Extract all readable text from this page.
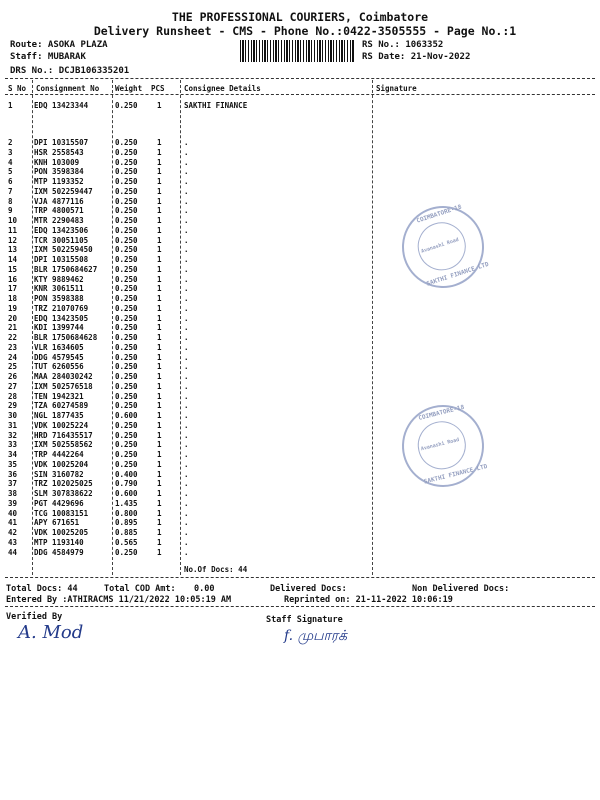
THE PROFESSIONAL COURIERS, Coimbatore
Delivery Runsheet - CMS - Phone No.:0422-3505555 - Page No.:1
Route: ASOKA PLAZA
Staff: MUBARAK
DRS No.: DCJB106335201
RS No.: 1063352
RS Date: 21-Nov-2022
S No Consignment No Weight PCS	Consignee Details	Signature
1	EDQ 13423344	0.250	1	SAKTHI FINANCE
2	DPI 10315507	0.250	1	.
3	HSR 2558543	0.250	1	.
4	KNH 103009	0.250	1	.
5	PON 3598384	0.250	1	.
6	MTP 1193352	0.250	1	.
7	IXM 502259447	0.250	1	.
8	VJA 4877116	0.250	1	.
9	TRP 4800571	0.250	1	.
10 MTR 2290483	0.250	1	.
11 EDQ 13423506	0.250	1	.
12 TCR 30051105	0.250	1	.
13 IXM 502259450	0.250	1	.
14 DPI 10315508	0.250	1	.
15 BLR 1750684627 0.250	1	.
16 KTY 9889462	0.250	1	.
17 KNR 3061511	0.250	1	.
18 PON 3598388	0.250	1	.
19 TRZ 21070769	0.250	1	.
20 EDQ 13423505	0.250	1	.
21 KDI 1399744	0.250	1	.
22 BLR 1750684628 0.250	1	.
23 VLR 1634605	0.250	1	.
24 DDG 4579545	0.250	1	.
25 TUT 6260556	0.250	1	.
26 MAA 284030242	0.250	1	.
27 IXM 502576518	0.250	1	.
28 TEN 1942321	0.250	1	.
29 TZA 60274589	0.250	1	.
30 NGL 1877435	0.600	1	.
31 VDK 10025224	0.250	1	.
32 HRD 716435517	0.250	1	.
33 IXM 502558562	0.250	1	.
34 TRP 4442264	0.250	1	.
35 VDK 10025204	0.250	1	.
36 SIN 3160782	0.400	1	.
37 TRZ 102025025	0.790	1	.
38 SLM 307838622	0.600	1	.
39 PGT 4429696	1.435	1	.
40 TCG 10083151	0.800	1	.
41 APY 671651	0.895	1	.
42 VDK 10025205	0.885	1	.
43 MTP 1193140	0.565	1	.
44 DDG 4584979	0.250	1	.
No.Of Docs: 44
Total Docs: 44	Total COD Amt: 0.00	Delivered Docs:	Non Delivered Docs:
Entered By :ATHIRACMS 11/21/2022 10:05:19 AM	Reprinted on: 21-11-2022 10:06:19
Verified By
A. Mod
Staff Signature
f. முபாரக்
COIMBATORE-18
Avanashi Road
SAKTHI FINANCE LTD
COIMBATORE-18
Avanashi Road
SAKTHI FINANCE LTD
